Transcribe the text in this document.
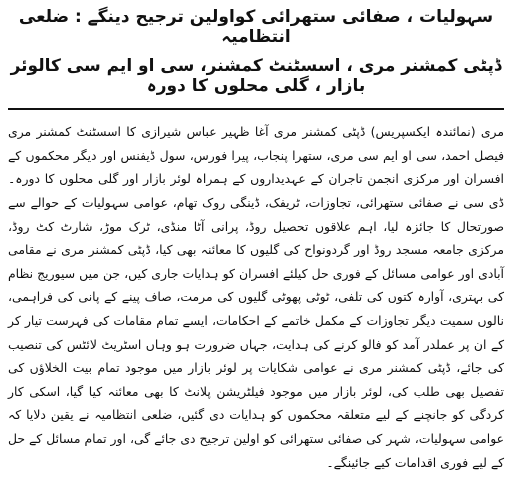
سہولیات ، صفائی ستھرائی کواولین ترجیح دینگے : ضلعی انتظامیہ
ڈپٹی کمشنر مری ، اسسٹنٹ کمشنر، سی او ایم سی کالوئر بازار ، گلی محلوں کا دورہ

مری (نمائندہ ایکسپریس) ڈپٹی کمشنر مری آغا ظہیر عباس شیرازی کا اسسٹنٹ کمشنر مری فیصل احمد، سی او ایم سی مری، ستھرا پنجاب، پیرا فورس، سول ڈیفنس اور دیگر محکموں کے افسران اور مرکزی انجمن تاجران کے عہدیداروں کے ہمراہ لوئر بازار اور گلی محلوں کا دورہ۔ ڈی سی نے صفائی ستھرائی، تجاوزات، ٹریفک، ڈینگی روک تھام، عوامی سہولیات کے حوالے سے صورتحال کا جائزہ لیا، اہم علاقوں تحصیل روڈ، پرانی آٹا منڈی، ٹرک موڑ، شارٹ کٹ روڈ، مرکزی جامعہ مسجد روڈ اور گردونواح کی گلیوں کا معائنہ بھی کیا، ڈپٹی کمشنر مری نے مقامی آبادی اور عوامی مسائل کے فوری حل کیلئے افسران کو ہدایات جاری کیں، جن میں سیوریج نظام کی بہتری، آوارہ کتوں کی تلفی، ٹوٹی پھوٹی گلیوں کی مرمت، صاف پینے کے پانی کی فراہمی، نالوں سمیت دیگر تجاوزات کے مکمل خاتمے کے احکامات، ایسے تمام مقامات کی فہرست تیار کر کے ان پر عملدر آمد کو فالو کرنے کی ہدایت، جہاں ضرورت ہو وہاں اسٹریٹ لائٹس کی تنصیب کی جائے، ڈپٹی کمشنر مری نے عوامی شکایات پر لوئر بازار میں موجود تمام بیت الخلاؤں کی تفصیل بھی طلب کی، لوئر بازار میں موجود فیلٹریشن پلانٹ کا بھی معائنہ کیا گیا، اسکی کار کردگی کو جانچنے کے لیے متعلقہ محکموں کو ہدایات دی گئیں، ضلعی انتظامیہ نے یقین دلایا کہ عوامی سہولیات، شہر کی صفائی ستھرائی کو اولین ترجیح دی جائے گی، اور تمام مسائل کے حل کے لیے فوری اقدامات کیے جائینگے۔
